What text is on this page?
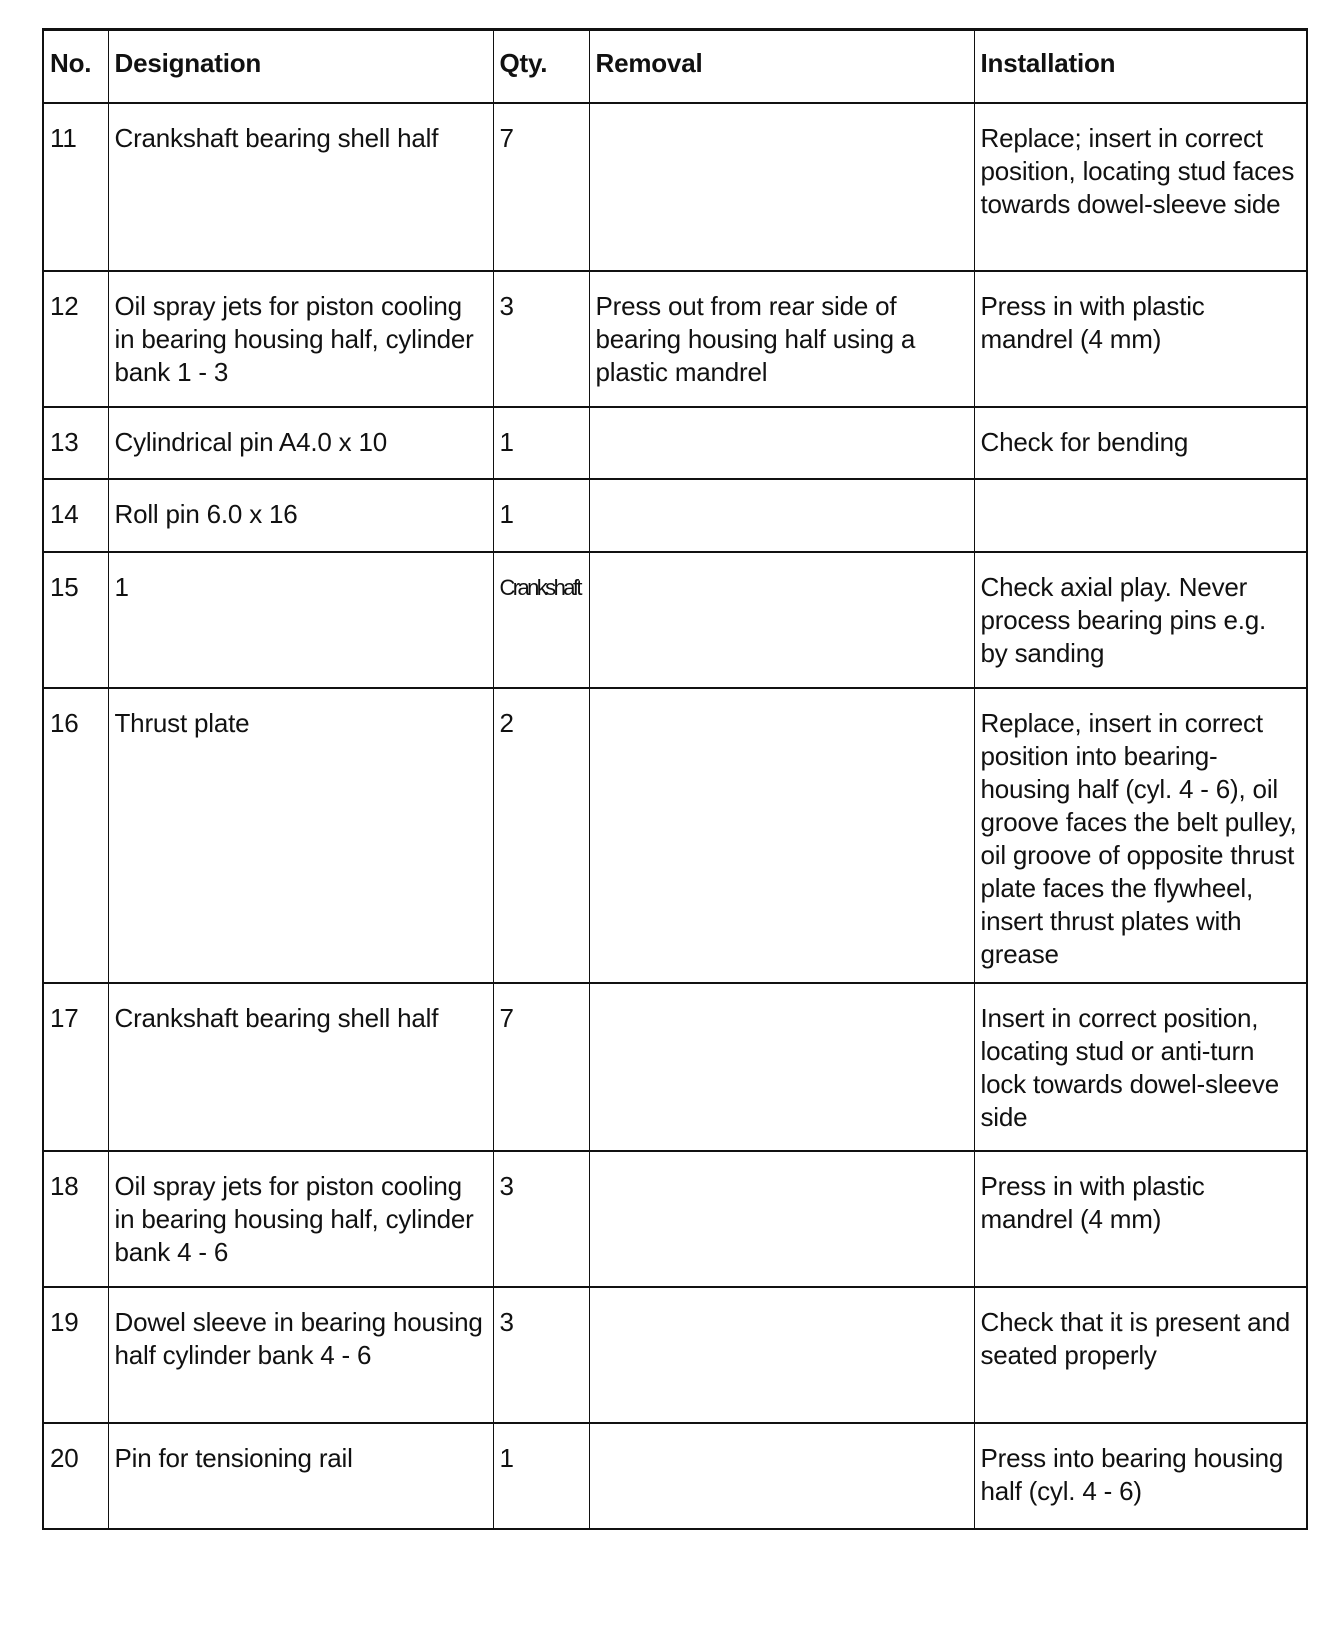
No.	Designation	Qty.	Removal	Installation
11	Crankshaft bearing shell half	7		Replace; insert in correct position, locating stud faces towards dowel-sleeve side
12	Oil spray jets for piston cooling in bearing housing half, cylinder bank 1 - 3	3	Press out from rear side of bearing housing half using a plastic mandrel	Press in with plastic mandrel (4 mm)
13	Cylindrical pin A4.0 x 10	1		Check for bending
14	Roll pin 6.0 x 16	1		
15	1	Crankshaft		Check axial play. Never process bearing pins e.g. by sanding
16	Thrust plate	2		Replace, insert in correct position into bearing-housing half (cyl. 4 - 6), oil groove faces the belt pulley, oil groove of opposite thrust plate faces the flywheel, insert thrust plates with grease
17	Crankshaft bearing shell half	7		Insert in correct position, locating stud or anti-turn lock towards dowel-sleeve side
18	Oil spray jets for piston cooling in bearing housing half, cylinder bank 4 - 6	3		Press in with plastic mandrel (4 mm)
19	Dowel sleeve in bearing housing half cylinder bank 4 - 6	3		Check that it is present and seated properly
20	Pin for tensioning rail	1		Press into bearing housing half (cyl. 4 - 6)
